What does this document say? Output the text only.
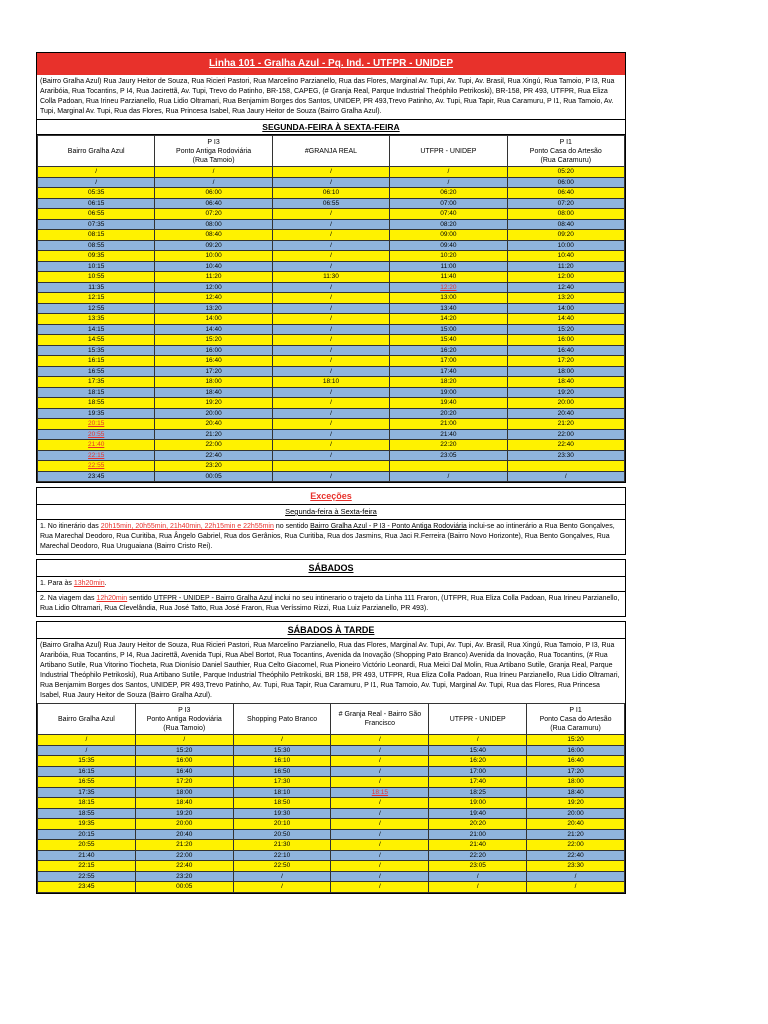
Linha 101 - Gralha Azul - Pq. Ind. - UTFPR - UNIDEP
(Bairro Gralha Azul) Rua Jaury Heitor de Souza, Rua Ricieri Pastori, Rua Marcelino Parzianello, Rua das Flores, Marginal Av. Tupi, Av. Tupi, Av. Brasil, Rua Xingú, Rua Tamoio, P I3, Rua Araribóia, Rua Tocantins, P I4, Rua Jacirettã, Av. Tupi, Trevo do Patinho, BR-158, CAPEG, (# Granja Real, Parque Industrial Theóphilo Petrikoski), BR-158, PR 493, UTFPR, Rua Eliza Colla Padoan, Rua Irineu Parzianello, Rua Lidio Oltramari, Rua Benjamim Borges dos Santos, UNIDEP, PR 493,Trevo Patinho, Av. Tupi, Rua Tapir, Rua Caramuru, P I1, Rua Tamoio, Av. Tupi, Marginal Av. Tupi, Rua das Flores, Rua Princesa Isabel, Rua Jaury Heitor de Souza (Bairro Gralha Azul).
SEGUNDA-FEIRA À SEXTA-FEIRA
Bairro Gralha Azul	P I3
Ponto Antiga Rodoviária
(Rua Tamoio)	#GRANJA REAL	UTFPR - UNIDEP	P I1
Ponto Casa do Artesão
(Rua Caramuru)
/	/	/	/	05:20
/	/	/	/	06:00
05:35	06:00	06:10	06:20	06:40
06:15	06:40	06:55	07:00	07:20
06:55	07:20	/	07:40	08:00
07:35	08:00	/	08:20	08:40
08:15	08:40	/	09:00	09:20
08:55	09:20	/	09:40	10:00
09:35	10:00	/	10:20	10:40
10:15	10:40	/	11:00	11:20
10:55	11:20	11:30	11:40	12:00
11:35	12:00	/	12:20	12:40
12:15	12:40	/	13:00	13:20
12:55	13:20	/	13:40	14:00
13:35	14:00	/	14:20	14:40
14:15	14:40	/	15:00	15:20
14:55	15:20	/	15:40	16:00
15:35	16:00	/	16:20	16:40
16:15	16:40	/	17:00	17:20
16:55	17:20	/	17:40	18:00
17:35	18:00	18:10	18:20	18:40
18:15	18:40	/	19:00	19:20
18:55	19:20	/	19:40	20:00
19:35	20:00	/	20:20	20:40
20:15	20:40	/	21:00	21:20
20:55	21:20	/	21:40	22:00
21:40	22:00	/	22:20	22:40
22:15	22:40	/	23:05	23:30
22:55	23:20			
23:45	00:05	/	/	/
Exceções
Segunda-feira à Sexta-feira
1. No itinerário das 20h15min, 20h55min, 21h40min, 22h15min e 22h55min no sentido Bairro Gralha Azul - P I3 - Ponto Antiga Rodoviária inclui-se ao intinerário a Rua Bento Gonçalves, Rua Marechal Deodoro, Rua Curitiba, Rua Ângelo Gabriel, Rua dos Gerânios, Rua Curitiba, Rua dos Jasmins, Rua Jaci R.Ferreira (Bairro Novo Horizonte), Rua Bento Gonçalves, Rua Marechal Deodoro, Rua Uruguaiana (Bairro Cristo Rei).
SÁBADOS
1. Para às 13h20min.
2. Na viagem das 12h20min sentido UTFPR - UNIDEP - Bairro Gralha Azul inclui no seu intinerario o trajeto da Linha 111 Fraron, (UTFPR, Rua Eliza Colla Padoan, Rua Irineu Parzianello, Rua Lidio Oltramari, Rua Clevelândia, Rua José Tatto, Rua José Fraron, Rua Veríssimo Rizzi, Rua Luiz Parzianello, PR 493).
SÁBADOS À TARDE
(Bairro Gralha Azul) Rua Jaury Heitor de Souza, Rua Ricieri Pastori, Rua Marcelino Parzianello, Rua das Flores, Marginal Av. Tupi, Av. Tupi, Av. Brasil, Rua Xingú, Rua Tamoio, P I3, Rua Araribóia, Rua Tocantins, P I4, Rua Jacirettã, Avenida Tupi, Rua Abel Bortot, Rua Tocantins, Avenida da Inovação (Shopping Pato Branco) Avenida da Inovação, Rua Tocantins, (# Rua Artibano Sutile, Rua Vitorino Tiocheta, Rua Dionísio Daniel Sauthier, Rua Celto Giacomel, Rua Pioneiro Victório Leonardi, Rua Meici Dal Molin, Rua Artibano Sutile, Granja Real, Parque Industrial Theóphilo Petrikoski), Rua Artibano Sutile, Parque Industrial Theóphilo Petrikoski, BR 158, PR 493, UTFPR, Rua Eliza Colla Padoan, Rua Irineu Parzianello, Rua Lidio Oltramari, Rua Benjamim Borges dos Santos, UNIDEP, PR 493,Trevo Patinho, Av. Tupi, Rua Tapir, Rua Caramuru, P I1, Rua Tamoio, Av. Tupi, Marginal Av. Tupi, Rua das Flores, Rua Princesa Isabel, Rua Jaury Heitor de Souza (Bairro Gralha Azul).
Bairro Gralha Azul	P I3
Ponto Antiga Rodoviária
(Rua Tamoio)	Shopping Pato Branco	# Granja Real - Bairro São Francisco	UTFPR - UNIDEP	P I1
Ponto Casa do Artesão
(Rua Caramuru)
/	/	/	/	/	15:20
/	15:20	15:30	/	15:40	16:00
15:35	16:00	16:10	/	16:20	16:40
16:15	16:40	16:50	/	17:00	17:20
16:55	17:20	17:30	/	17:40	18:00
17:35	18:00	18:10	18:15	18:25	18:40
18:15	18:40	18:50	/	19:00	19:20
18:55	19:20	19:30	/	19:40	20:00
19:35	20:00	20:10	/	20:20	20:40
20:15	20:40	20:50	/	21:00	21:20
20:55	21:20	21:30	/	21:40	22:00
21:40	22:00	22:10	/	22:20	22:40
22:15	22:40	22:50	/	23:05	23:30
22:55	23:20	/	/	/	/
23:45	00:05	/	/	/	/
